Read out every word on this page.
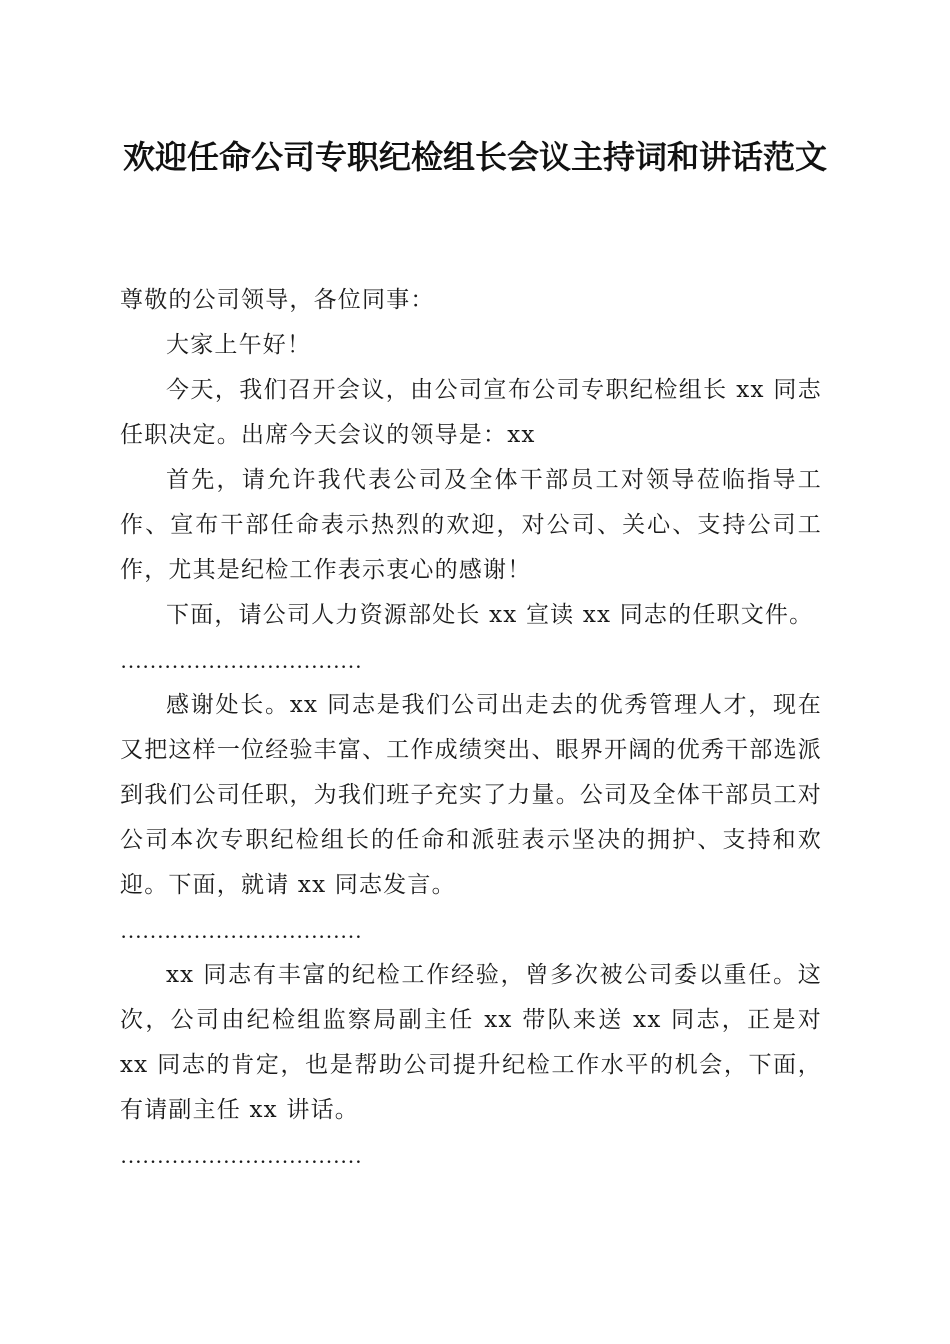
欢迎任命公司专职纪检组长会议主持词和讲话范文

尊敬的公司领导，各位同事：

大家上午好！

今天，我们召开会议，由公司宣布公司专职纪检组长 xx 同志任职决定。出席今天会议的领导是：xx

首先，请允许我代表公司及全体干部员工对领导莅临指导工作、宣布干部任命表示热烈的欢迎，对公司、关心、支持公司工作，尤其是纪检工作表示衷心的感谢！

下面，请公司人力资源部处长 xx 宣读 xx 同志的任职文件。

……………………………

感谢处长。xx 同志是我们公司出走去的优秀管理人才，现在又把这样一位经验丰富、工作成绩突出、眼界开阔的优秀干部选派到我们公司任职，为我们班子充实了力量。公司及全体干部员工对公司本次专职纪检组长的任命和派驻表示坚决的拥护、支持和欢迎。下面，就请 xx 同志发言。

……………………………

xx 同志有丰富的纪检工作经验，曾多次被公司委以重任。这次，公司由纪检组监察局副主任 xx 带队来送 xx 同志，正是对 xx 同志的肯定，也是帮助公司提升纪检工作水平的机会，下面，有请副主任 xx 讲话。

……………………………
